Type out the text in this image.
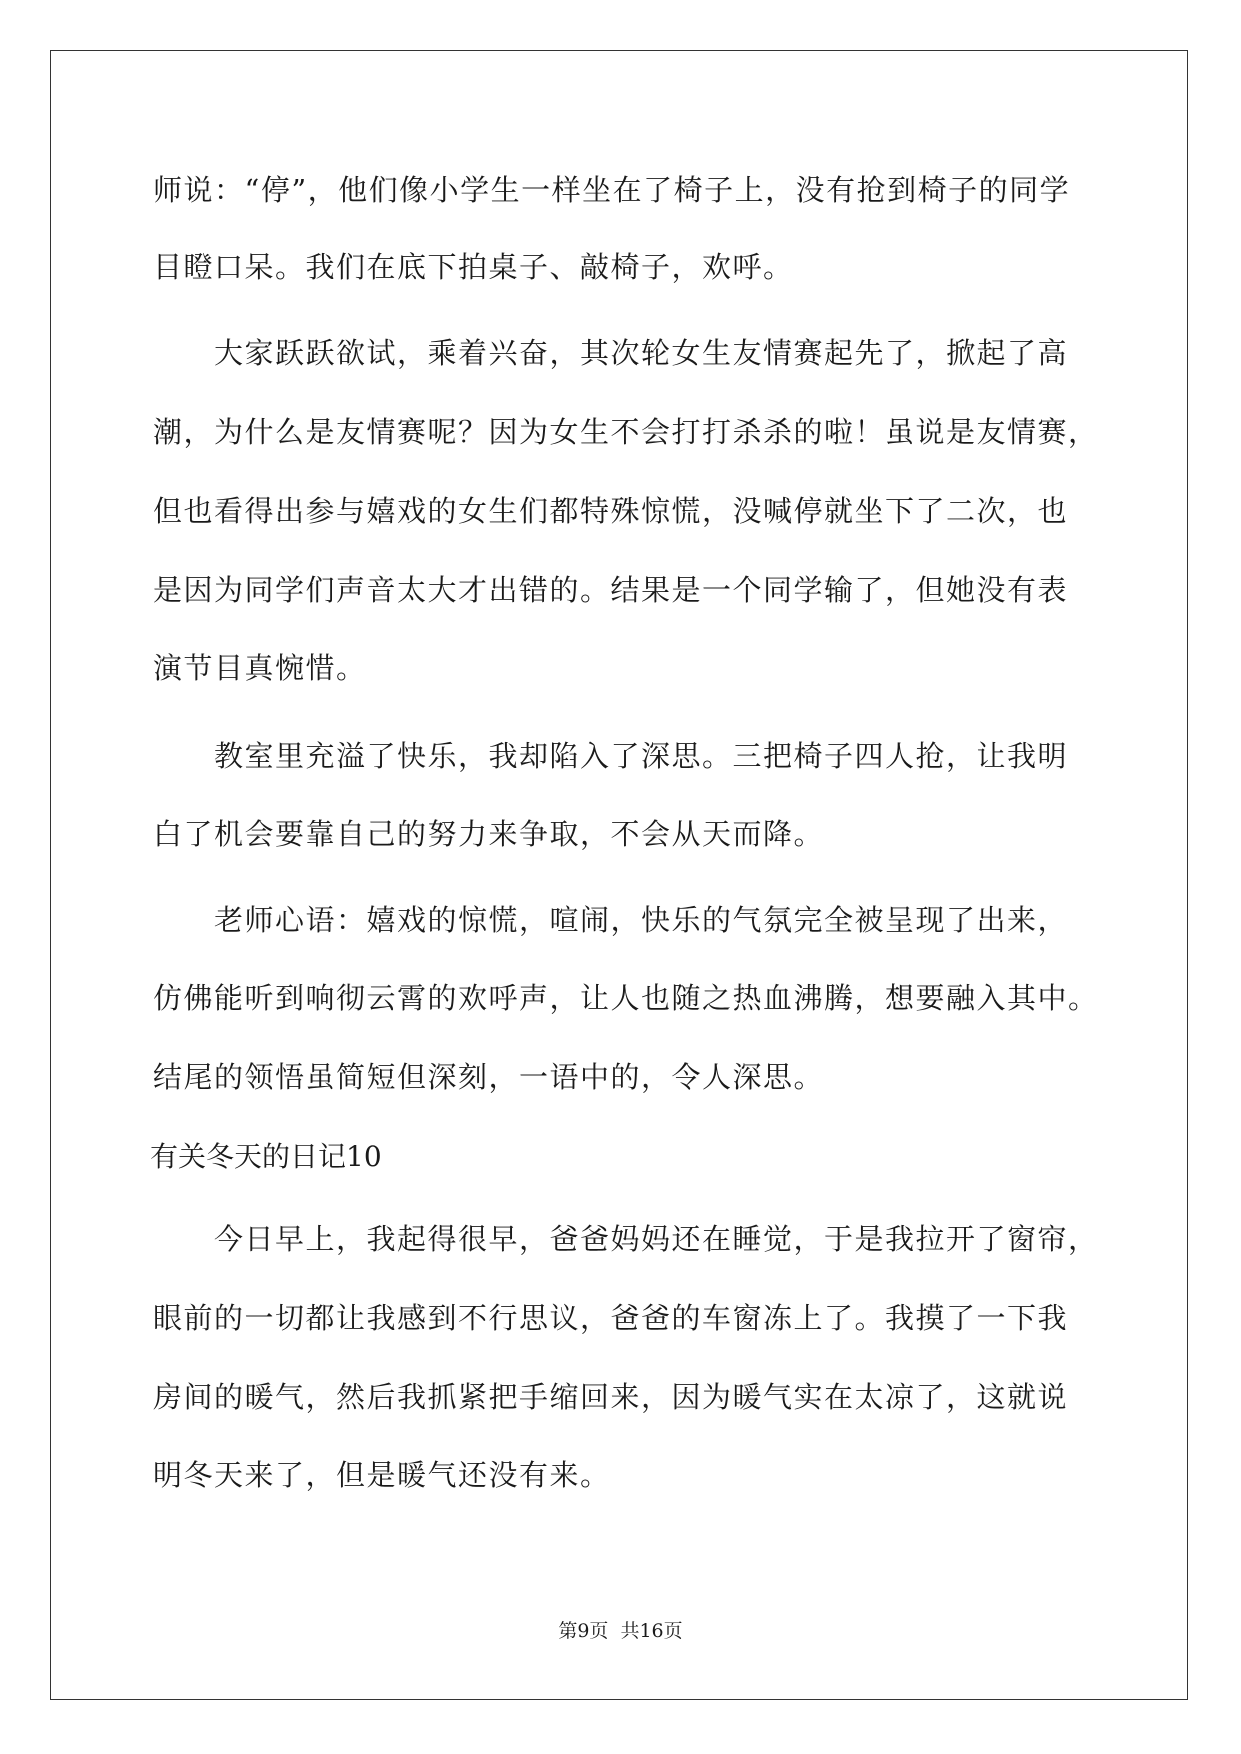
师说：“停”，他们像小学生一样坐在了椅子上，没有抢到椅子的同学
目瞪口呆。我们在底下拍桌子、敲椅子，欢呼。
大家跃跃欲试，乘着兴奋，其次轮女生友情赛起先了，掀起了高
潮，为什么是友情赛呢？因为女生不会打打杀杀的啦！虽说是友情赛，
但也看得出参与嬉戏的女生们都特殊惊慌，没喊停就坐下了二次，也
是因为同学们声音太大才出错的。结果是一个同学输了，但她没有表
演节目真惋惜。
教室里充溢了快乐，我却陷入了深思。三把椅子四人抢，让我明
白了机会要靠自己的努力来争取，不会从天而降。
老师心语：嬉戏的惊慌，喧闹，快乐的气氛完全被呈现了出来，
仿佛能听到响彻云霄的欢呼声，让人也随之热血沸腾，想要融入其中。
结尾的领悟虽简短但深刻，一语中的，令人深思。
有关冬天的日记10
今日早上，我起得很早，爸爸妈妈还在睡觉，于是我拉开了窗帘，
眼前的一切都让我感到不行思议，爸爸的车窗冻上了。我摸了一下我
房间的暖气，然后我抓紧把手缩回来，因为暖气实在太凉了，这就说
明冬天来了，但是暖气还没有来。
第9页 共16页
